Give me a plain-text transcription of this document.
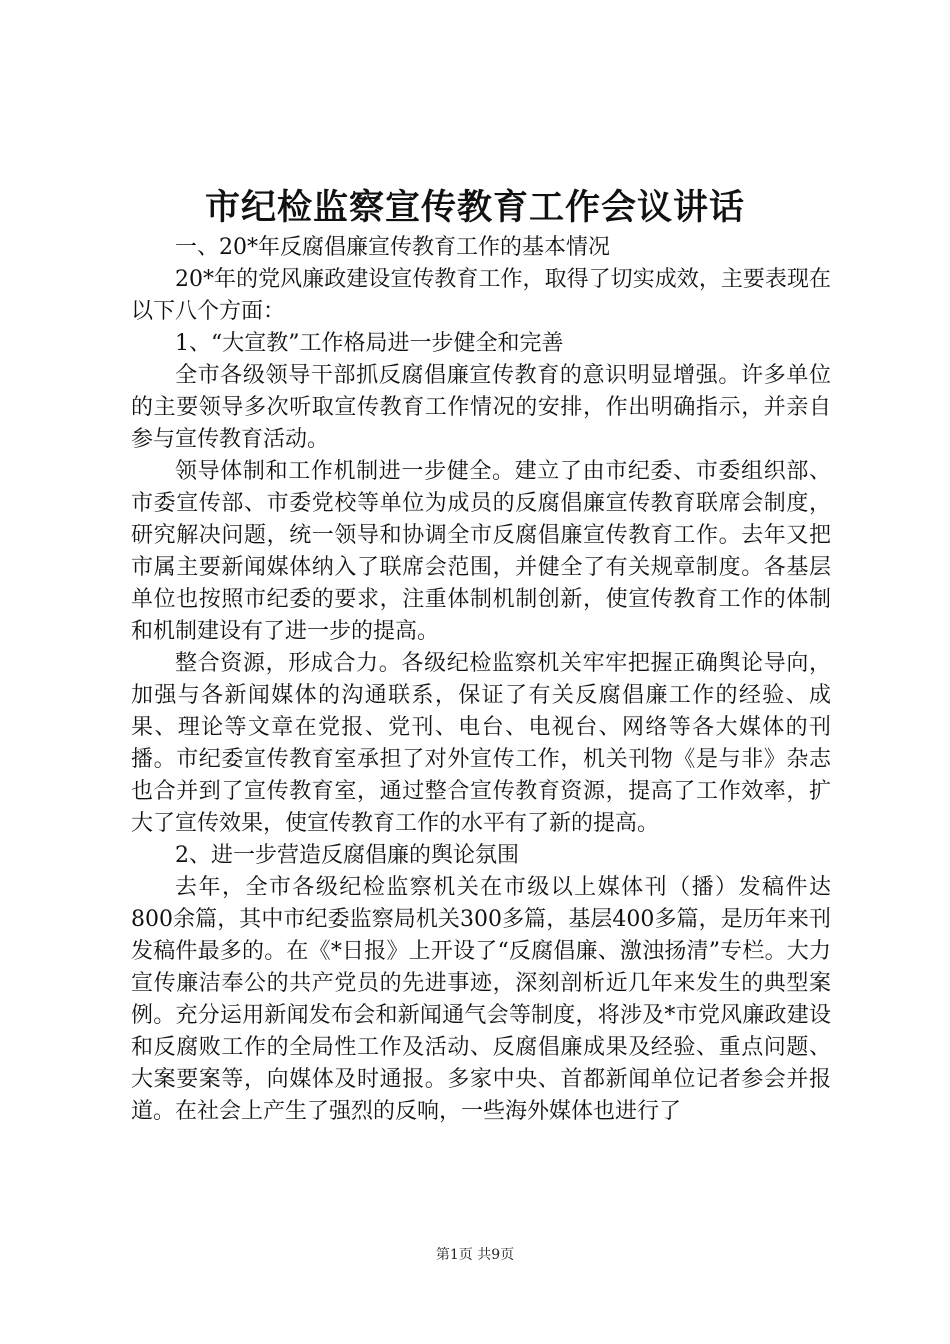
市纪检监察宣传教育工作会议讲话

一、20*年反腐倡廉宣传教育工作的基本情况

20*年的党风廉政建设宣传教育工作，取得了切实成效，主要表现在以下八个方面：

1、“大宣教”工作格局进一步健全和完善

全市各级领导干部抓反腐倡廉宣传教育的意识明显增强。许多单位的主要领导多次听取宣传教育工作情况的安排，作出明确指示，并亲自参与宣传教育活动。

领导体制和工作机制进一步健全。建立了由市纪委、市委组织部、市委宣传部、市委党校等单位为成员的反腐倡廉宣传教育联席会制度，研究解决问题，统一领导和协调全市反腐倡廉宣传教育工作。去年又把市属主要新闻媒体纳入了联席会范围，并健全了有关规章制度。各基层单位也按照市纪委的要求，注重体制机制创新，使宣传教育工作的体制和机制建设有了进一步的提高。

整合资源，形成合力。各级纪检监察机关牢牢把握正确舆论导向，加强与各新闻媒体的沟通联系，保证了有关反腐倡廉工作的经验、成果、理论等文章在党报、党刊、电台、电视台、网络等各大媒体的刊播。市纪委宣传教育室承担了对外宣传工作，机关刊物《是与非》杂志也合并到了宣传教育室，通过整合宣传教育资源，提高了工作效率，扩大了宣传效果，使宣传教育工作的水平有了新的提高。

2、进一步营造反腐倡廉的舆论氛围

去年，全市各级纪检监察机关在市级以上媒体刊（播）发稿件达800余篇，其中市纪委监察局机关300多篇，基层400多篇，是历年来刊发稿件最多的。在《*日报》上开设了“反腐倡廉、激浊扬清”专栏。大力宣传廉洁奉公的共产党员的先进事迹，深刻剖析近几年来发生的典型案例。充分运用新闻发布会和新闻通气会等制度，将涉及*市党风廉政建设和反腐败工作的全局性工作及活动、反腐倡廉成果及经验、重点问题、大案要案等，向媒体及时通报。多家中央、首都新闻单位记者参会并报道。在社会上产生了强烈的反响，一些海外媒体也进行了

第1页 共9页
